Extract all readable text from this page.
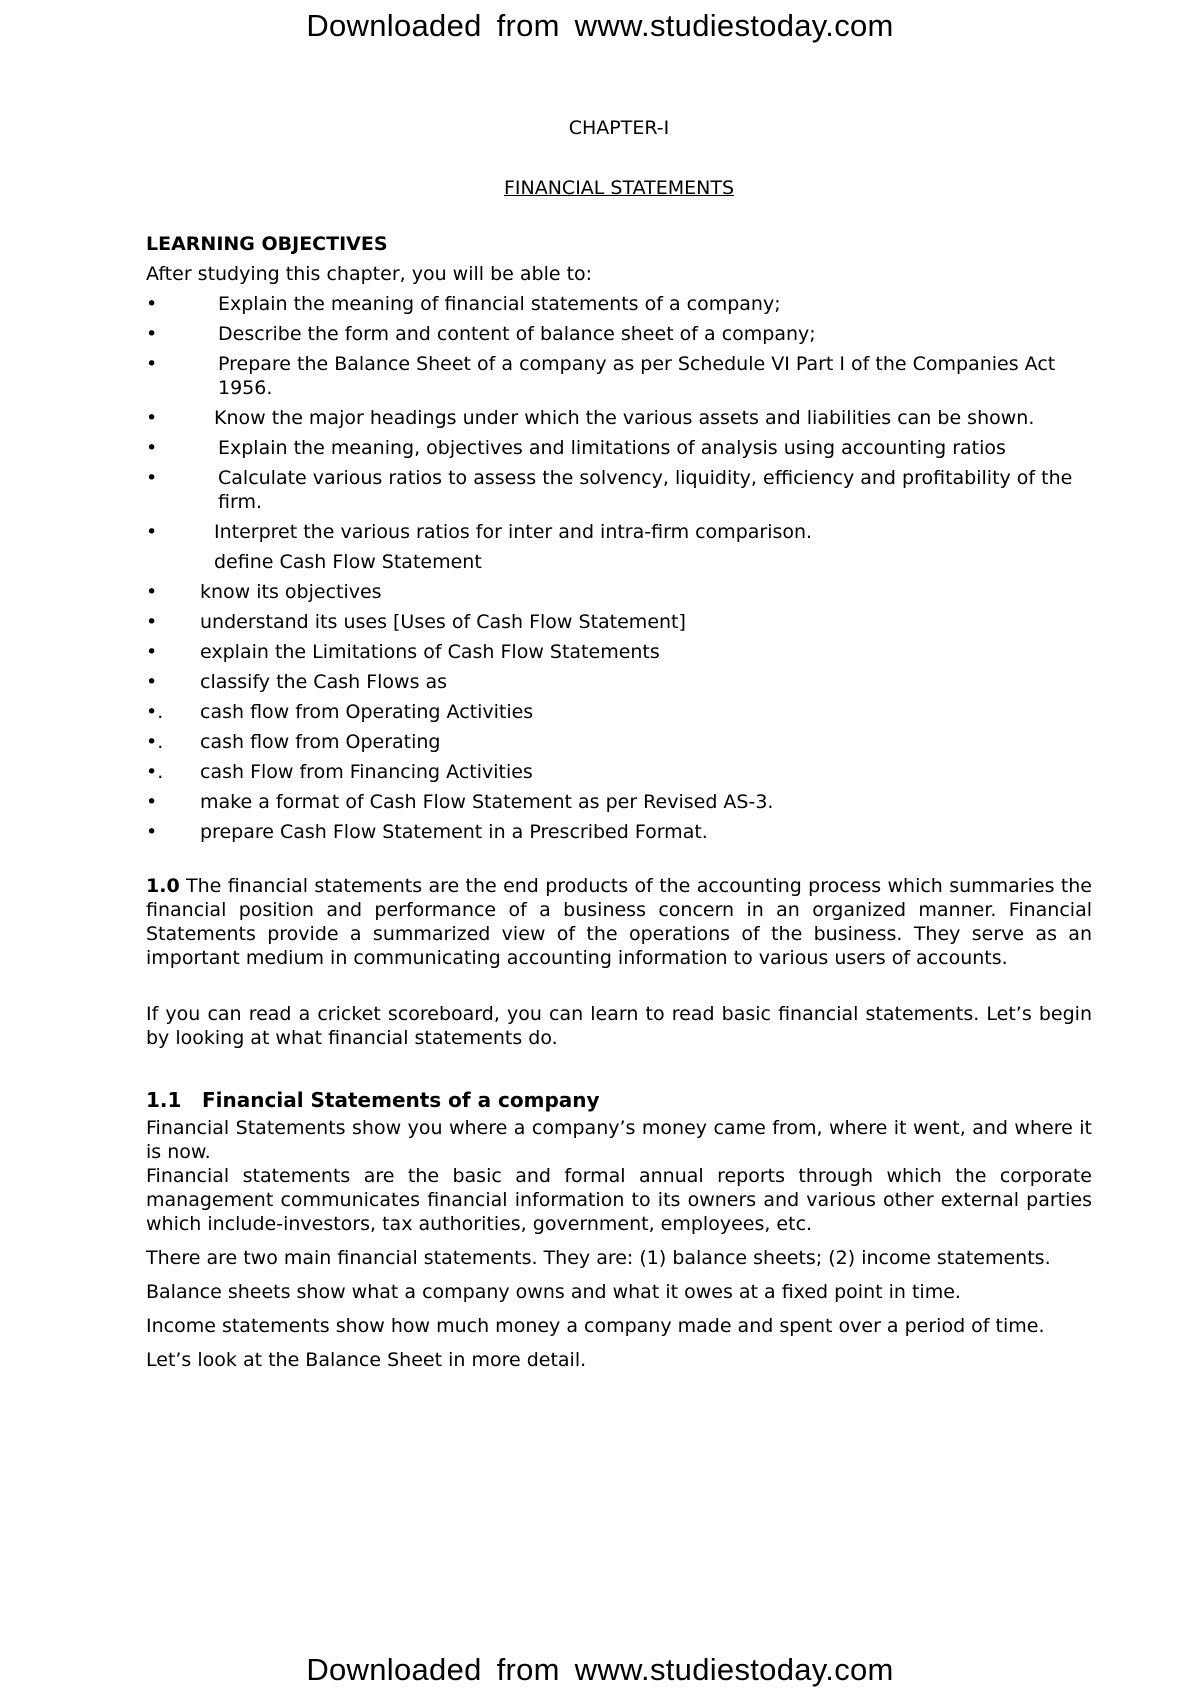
Downloaded from www.studiestoday.com
CHAPTER-I
FINANCIAL STATEMENTS
LEARNING OBJECTIVES

After studying this chapter, you will be able to:

•	Explain the meaning of financial statements of a company;
•	Describe the form and content of balance sheet of a company;
•	Prepare the Balance Sheet of a company as per Schedule VI Part I of the Companies Act 1956.
•	Know the major headings under which the various assets and liabilities can be shown.
•	Explain the meaning, objectives and limitations of analysis using accounting ratios
•	Calculate various ratios to assess the solvency, liquidity, efficiency and profitability of the firm.
•	Interpret the various ratios for inter and intra-firm comparison.
define Cash Flow Statement
•	know its objectives
•	understand its uses [Uses of Cash Flow Statement]
•	explain the Limitations of Cash Flow Statements
•	classify the Cash Flows as
•.	cash flow from Operating Activities
•.	cash flow from Operating
•.	cash Flow from Financing Activities
•	make a format of Cash Flow Statement as per Revised AS-3.
•	prepare Cash Flow Statement in a Prescribed Format.

1.0 The financial statements are the end products of the accounting process which summaries the financial position and performance of a business concern in an organized manner. Financial Statements provide a summarized view of the operations of the business. They serve as an important medium in communicating accounting information to various users of accounts.

If you can read a cricket scoreboard, you can learn to read basic financial statements. Let’s begin by looking at what financial statements do.

1.1 Financial Statements of a company

Financial Statements show you where a company’s money came from, where it went, and where it is now.

Financial statements are the basic and formal annual reports through which the corporate management communicates financial information to its owners and various other external parties which include-investors, tax authorities, government, employees, etc.

There are two main financial statements. They are: (1) balance sheets; (2) income statements.

Balance sheets show what a company owns and what it owes at a fixed point in time.

Income statements show how much money a company made and spent over a period of time.

Let’s look at the Balance Sheet in more detail.

Downloaded from www.studiestoday.com
